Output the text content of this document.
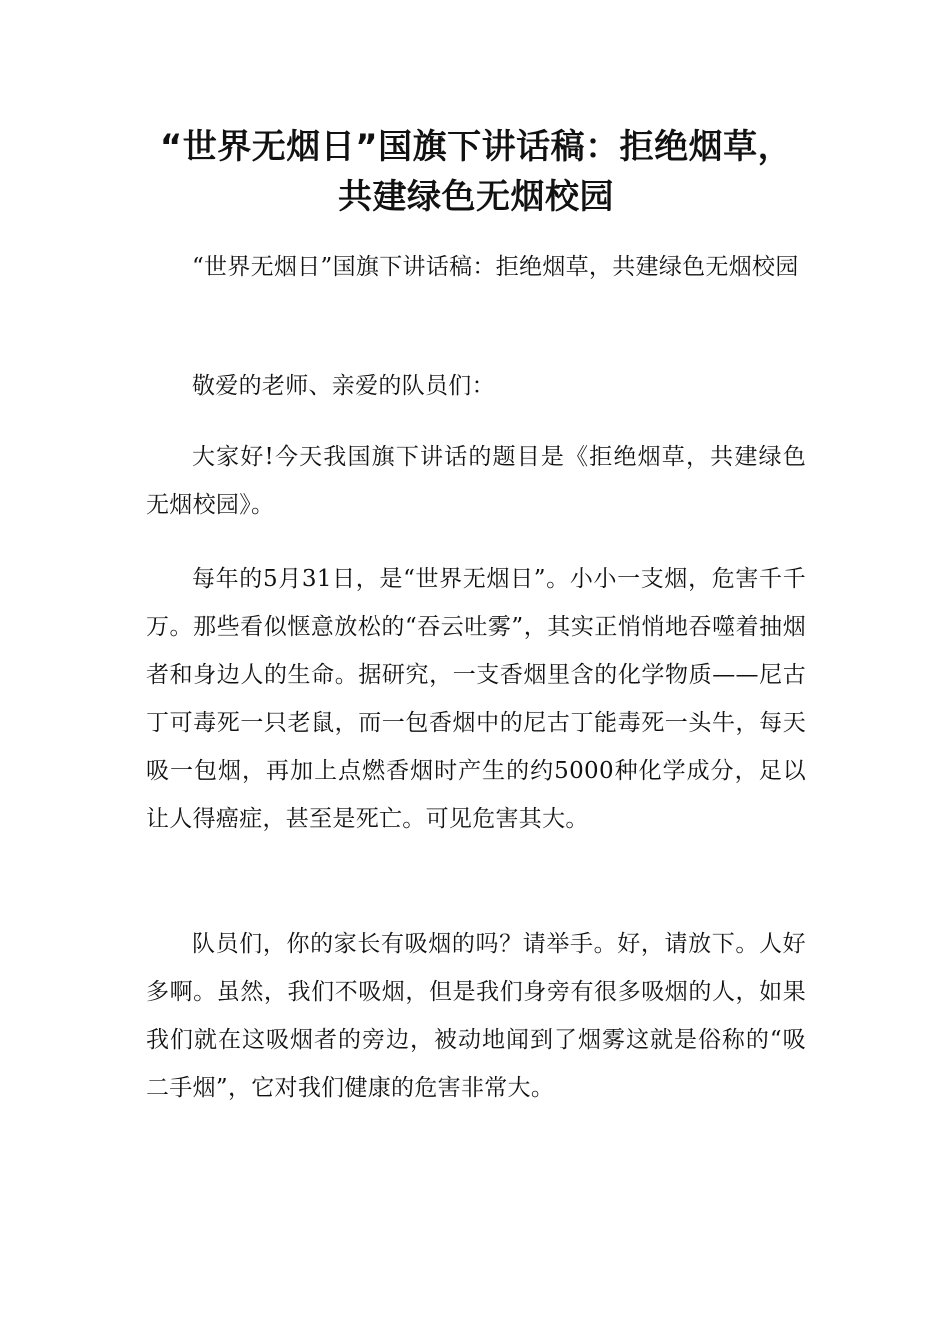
“世界无烟日”国旗下讲话稿：拒绝烟草，共建绿色无烟校园

“世界无烟日”国旗下讲话稿：拒绝烟草，共建绿色无烟校园

敬爱的老师、亲爱的队员们：

大家好!今天我国旗下讲话的题目是《拒绝烟草，共建绿色无烟校园》。

每年的5月31日，是“世界无烟日”。小小一支烟，危害千千万。那些看似惬意放松的“吞云吐雾”，其实正悄悄地吞噬着抽烟者和身边人的生命。据研究，一支香烟里含的化学物质——尼古丁可毒死一只老鼠，而一包香烟中的尼古丁能毒死一头牛，每天吸一包烟，再加上点燃香烟时产生的约5000种化学成分，足以让人得癌症，甚至是死亡。可见危害其大。

队员们，你的家长有吸烟的吗？请举手。好，请放下。人好多啊。虽然，我们不吸烟，但是我们身旁有很多吸烟的人，如果我们就在这吸烟者的旁边，被动地闻到了烟雾这就是俗称的“吸二手烟”，它对我们健康的危害非常大。
